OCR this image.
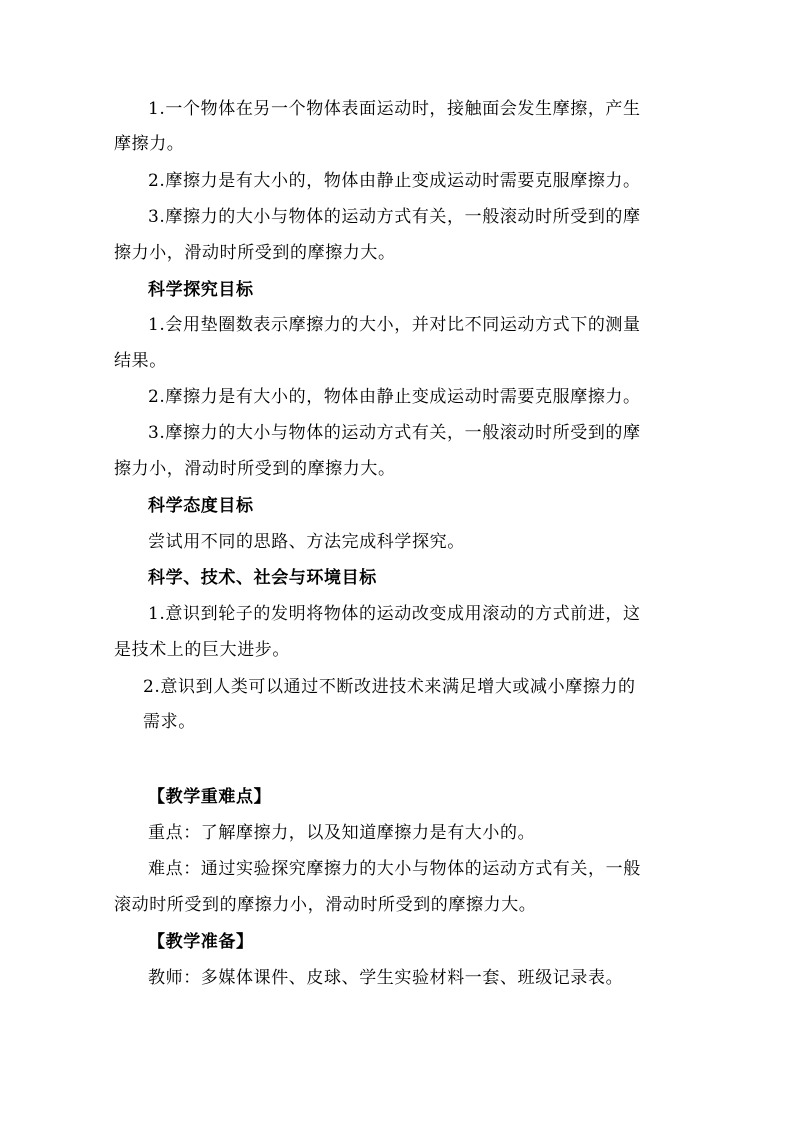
1.一个物体在另一个物体表面运动时，接触面会发生摩擦，产生
摩擦力。
2.摩擦力是有大小的，物体由静止变成运动时需要克服摩擦力。
3.摩擦力的大小与物体的运动方式有关，一般滚动时所受到的摩
擦力小，滑动时所受到的摩擦力大。
科学探究目标
1.会用垫圈数表示摩擦力的大小，并对比不同运动方式下的测量
结果。
2.摩擦力是有大小的，物体由静止变成运动时需要克服摩擦力。
3.摩擦力的大小与物体的运动方式有关，一般滚动时所受到的摩
擦力小，滑动时所受到的摩擦力大。
科学态度目标
尝试用不同的思路、方法完成科学探究。
科学、技术、社会与环境目标
1.意识到轮子的发明将物体的运动改变成用滚动的方式前进，这
是技术上的巨大进步。
2.意识到人类可以通过不断改进技术来满足增大或减小摩擦力的
需求。
【教学重难点】
重点：了解摩擦力，以及知道摩擦力是有大小的。
难点：通过实验探究摩擦力的大小与物体的运动方式有关，一般
滚动时所受到的摩擦力小，滑动时所受到的摩擦力大。
【教学准备】
教师：多媒体课件、皮球、学生实验材料一套、班级记录表。
